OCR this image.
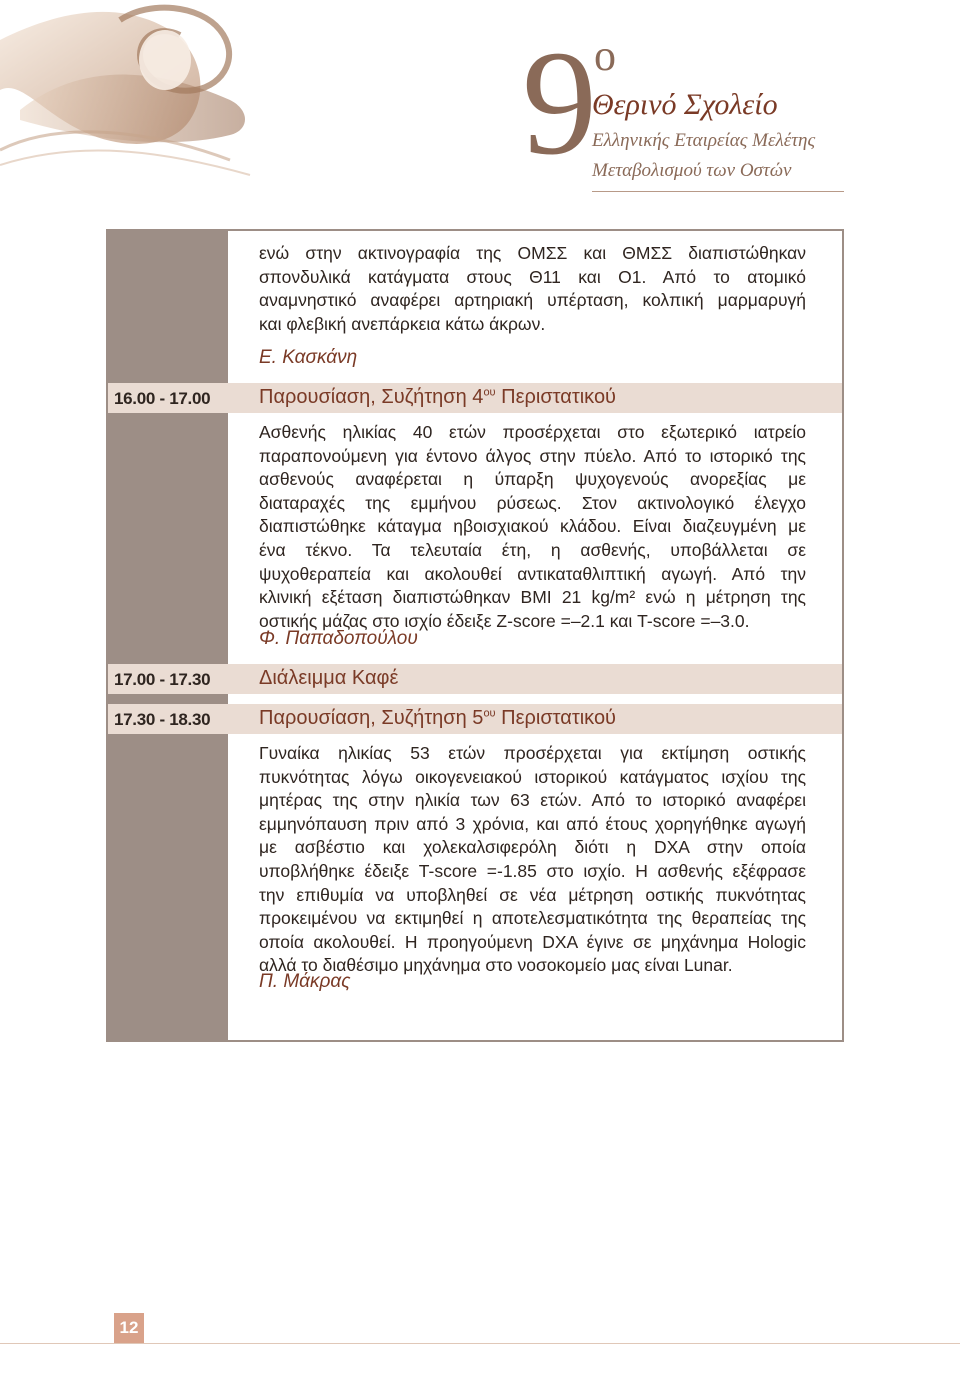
9 ο
Θερινό Σχολείο
Ελληνικής Εταιρείας Μελέτης
Μεταβολισμού των Οστών
ενώ στην ακτινογραφία της ΟΜΣΣ και ΘΜΣΣ διαπιστώθηκαν
σπονδυλικά κατάγματα στους Θ11 και Ο1. Από το ατομικό
αναμνηστικό αναφέρει αρτηριακή υπέρταση, κολπική μαρμαρυγή
και φλεβική ανεπάρκεια κάτω άκρων.
Ε. Κασκάνη
16.00 - 17.00 Παρουσίαση, Συζήτηση $4^{o\upsilon}$ Περιστατικού
Ασθενής ηλικίας 40 ετών προσέρχεται στο εξωτερικό ιατρείο
παραπονούμενη για έντονο άλγος στην πύελο. Από το ιστορικό της
ασθενούς αναφέρεται η ύπαρξη ψυχογενούς ανορεξίας με
διαταραχές της εμμήνου ρύσεως. Στον ακτινολογικό έλεγχο
διαπιστώθηκε κάταγμα ηβοισχιακού κλάδου. Είναι διαζευγμένη με
ένα τέκνο. Τα τελευταία έτη, η ασθενής, υποβάλλεται σε
ψυχοθεραπεία και ακολουθεί αντικαταθλιπτική αγωγή. Από την
κλινική εξέταση διαπιστώθηκαν BMI 21 kg/m² ενώ η μέτρηση της
οστικής μάζας στο ισχίο έδειξε Z-score =–2.1 και T-score =–3.0.
Φ. Παπαδοπούλου
17.00 - 17.30 Διάλειμμα Καφέ
17.30 - 18.30 Παρουσίαση, Συζήτηση $5^{o\upsilon}$ Περιστατικού
Γυναίκα ηλικίας 53 ετών προσέρχεται για εκτίμηση οστικής
πυκνότητας λόγω οικογενειακού ιστορικού κατάγματος ισχίου της
μητέρας της στην ηλικία των 63 ετών. Από το ιστορικό αναφέρει
εμμηνόπαυση πριν από 3 χρόνια, και από έτους χορηγήθηκε αγωγή
με ασβέστιο και χολεκαλσιφερόλη διότι η DXA στην οποία
υποβλήθηκε έδειξε T-score =-1.85 στο ισχίο. Η ασθενής εξέφρασε
την επιθυμία να υποβληθεί σε νέα μέτρηση οστικής πυκνότητας
προκειμένου να εκτιμηθεί η αποτελεσματικότητα της θεραπείας της
οποία ακολουθεί. Η προηγούμενη DXA έγινε σε μηχάνημα Hologic
αλλά το διαθέσιμο μηχάνημα στο νοσοκομείο μας είναι Lunar.
Π. Μάκρας
12
